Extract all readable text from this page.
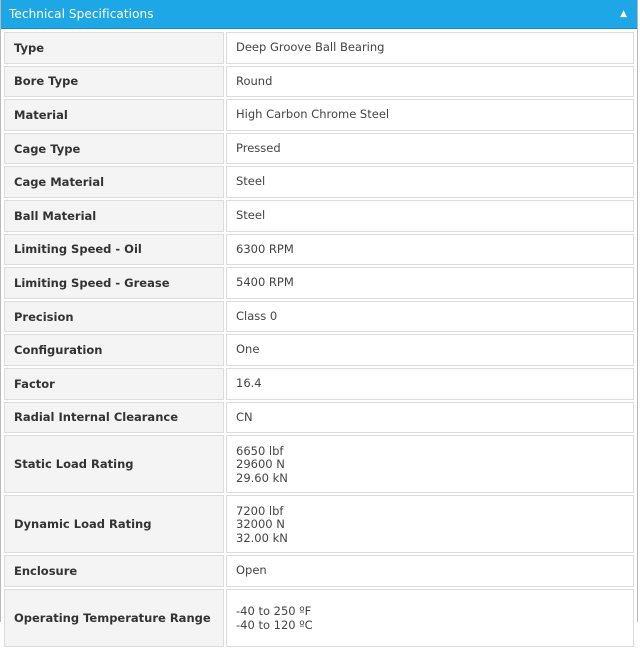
Technical Specifications	▲
Type	Deep Groove Ball Bearing

Bore Type	Round

Material	High Carbon Chrome Steel

Cage Type	Pressed

Cage Material	Steel

Ball Material	Steel

Limiting Speed - Oil	6300 RPM

Limiting Speed - Grease	5400 RPM

Precision	Class 0

Configuration	One

Factor	16.4

Radial Internal Clearance	CN

Static Load Rating	6650 lbf
29600 N
29.60 kN

Dynamic Load Rating	7200 lbf
32000 N
32.00 kN

Enclosure	Open

Operating Temperature Range	-40 to 250 ºF
-40 to 120 ºC
